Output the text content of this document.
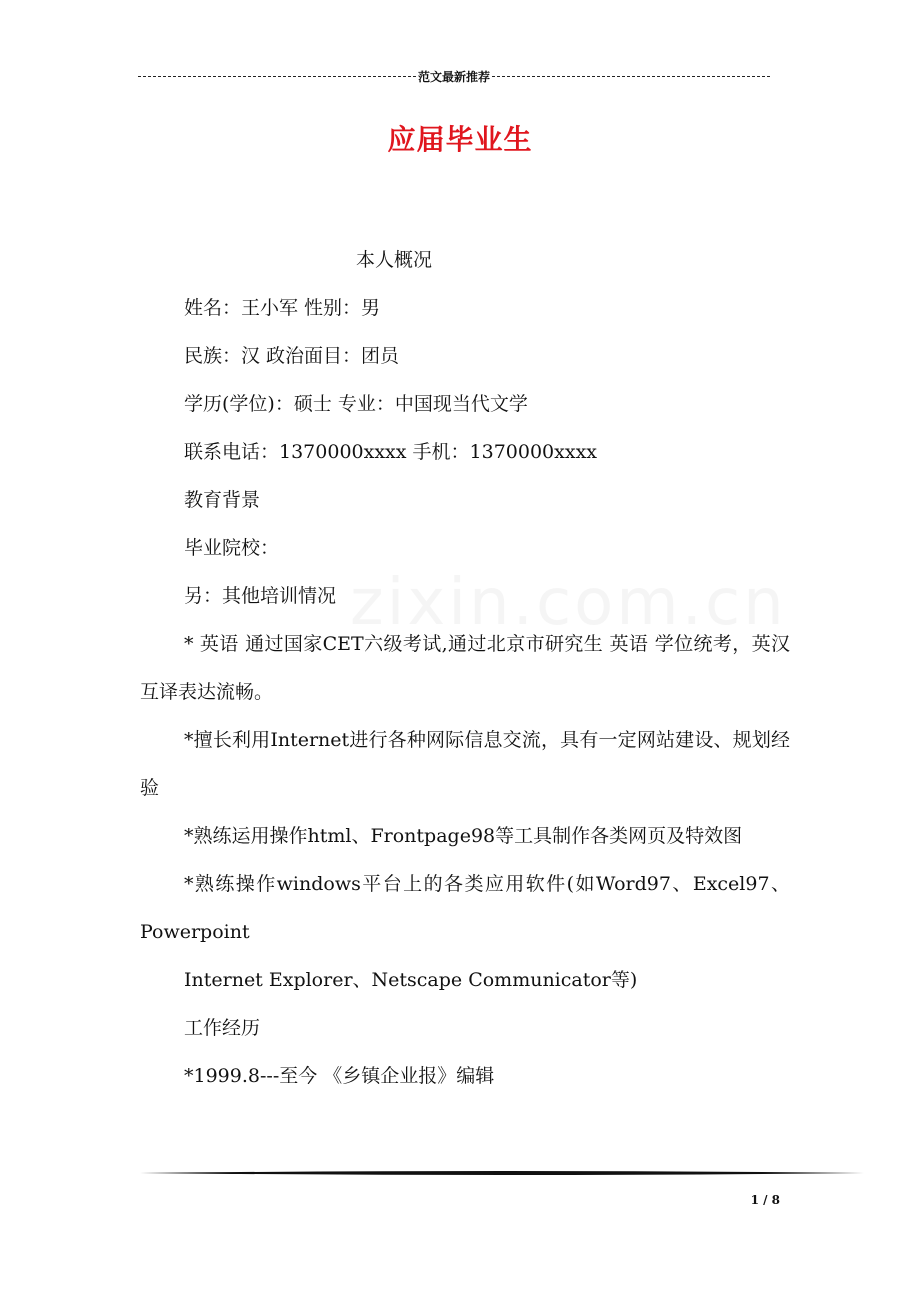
范文最新推荐
应届毕业生
zixin.com.cn

本人概况

姓名：王小军 性别：男

民族：汉 政治面目：团员

学历(学位)：硕士 专业：中国现当代文学

联系电话：1370000xxxx 手机：1370000xxxx

教育背景

毕业院校：

另：其他培训情况

* 英语 通过国家CET六级考试,通过北京市研究生 英语 学位统考，英汉互译表达流畅。

*擅长利用Internet进行各种网际信息交流，具有一定网站建设、规划经验

*熟练运用操作html、Frontpage98等工具制作各类网页及特效图

*熟练操作windows平台上的各类应用软件(如Word97、Excel97、Powerpoint

Internet Explorer、Netscape Communicator等)

工作经历

*1999.8---至今 《乡镇企业报》编辑

1 / 8
